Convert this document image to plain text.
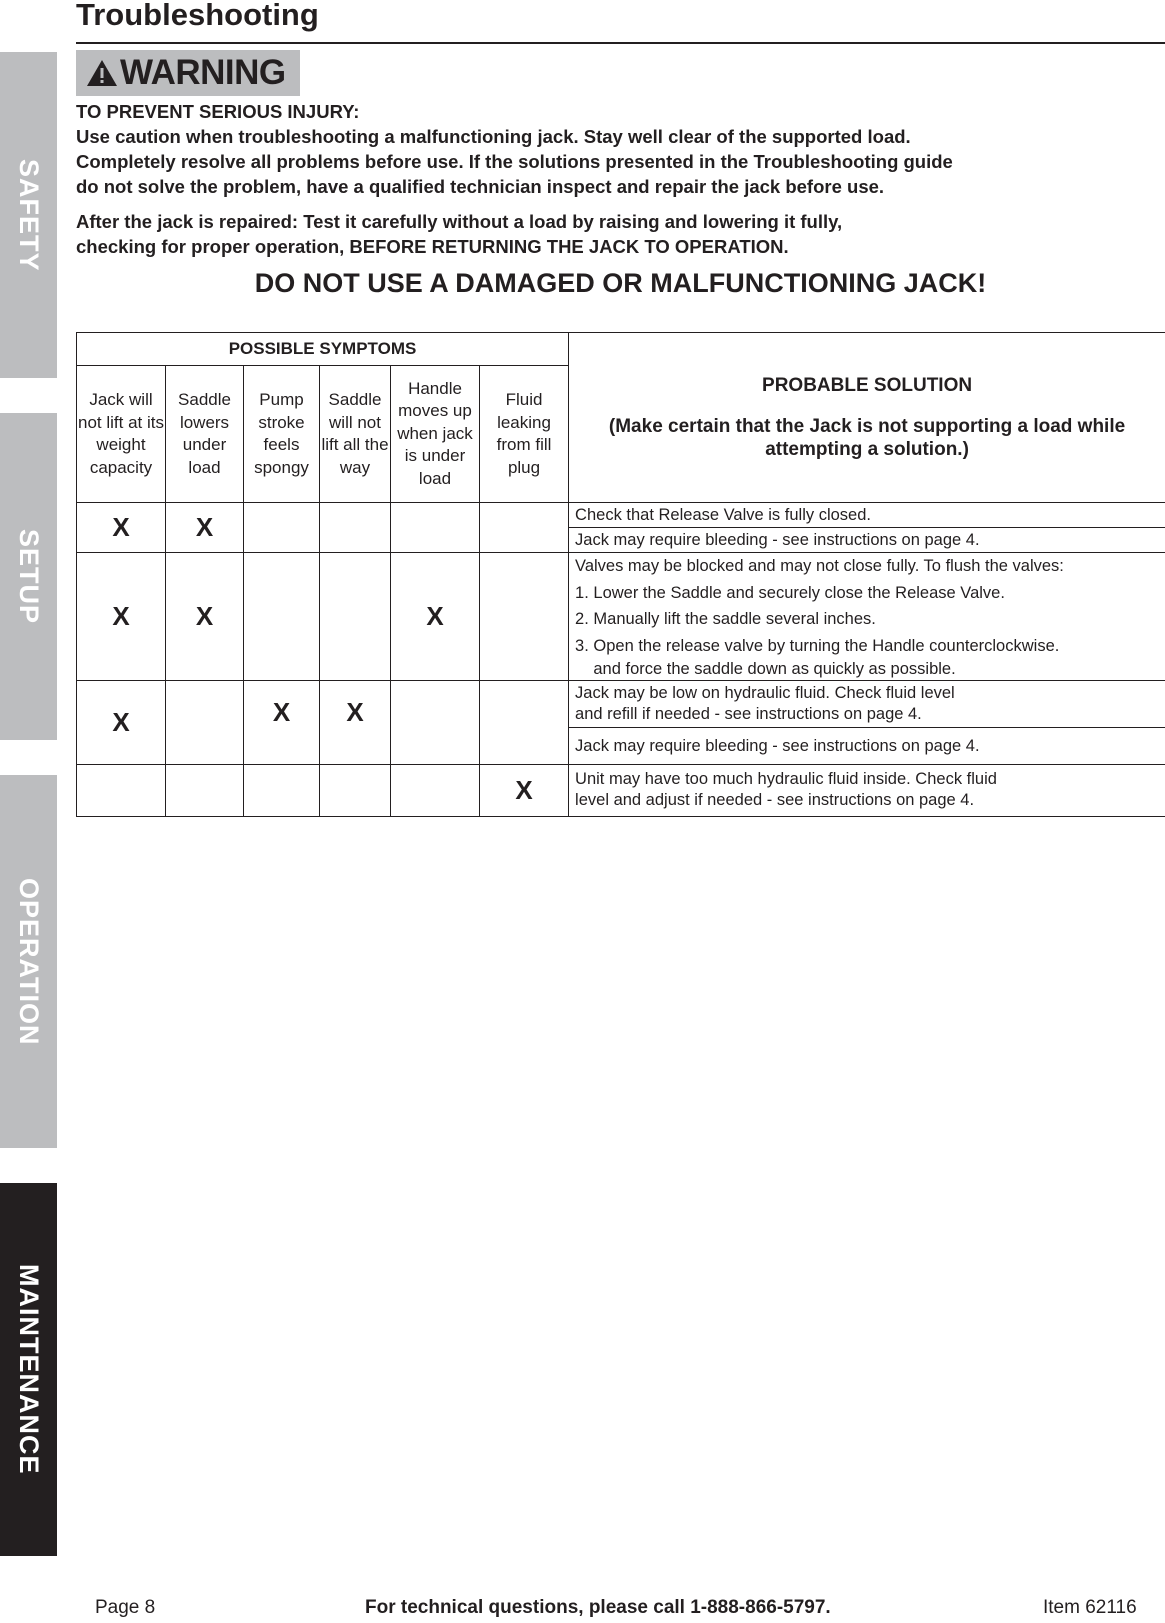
SAFETY
SETUP
OPERATION
MAINTENANCE
Troubleshooting
WARNING
TO PREVENT SERIOUS INJURY:
Use caution when troubleshooting a malfunctioning jack. Stay well clear of the supported load.
Completely resolve all problems before use. If the solutions presented in the Troubleshooting guide
do not solve the problem, have a qualified technician inspect and repair the jack before use.
After the jack is repaired: Test it carefully without a load by raising and lowering it fully,
checking for proper operation, BEFORE RETURNING THE JACK TO OPERATION.
DO NOT USE A DAMAGED OR MALFUNCTIONING JACK!
POSSIBLE SYMPTOMS						PROBABLE SOLUTION

(Make certain that the Jack is not supporting a load while attempting a solution.)

Jack will not lift at its weight capacity	Saddle lowers under load	Pump stroke feels spongy	Saddle will not lift all the way	Handle moves up when jack is under load	Fluid leaking from fill plug	
X	X					Check that Release Valve is fully closed.

						Jack may require bleeding - see instructions on page 4.

X	X			X		Valves may be blocked and may not close fully. To flush the valves:
1. Lower the Saddle and securely close the Release Valve.
2. Manually lift the saddle several inches.
3. Open the release valve by turning the Handle counterclockwise.
and force the saddle down as quickly as possible.

X		X	X			Jack may be low on hydraulic fluid. Check fluid level
and refill if needed - see instructions on page 4.

						Jack may require bleeding - see instructions on page 4.

					X	Unit may have too much hydraulic fluid inside. Check fluid
level and adjust if needed - see instructions on page 4.
Page 8	For technical questions, please call 1-888-866-5797.	Item 62116
